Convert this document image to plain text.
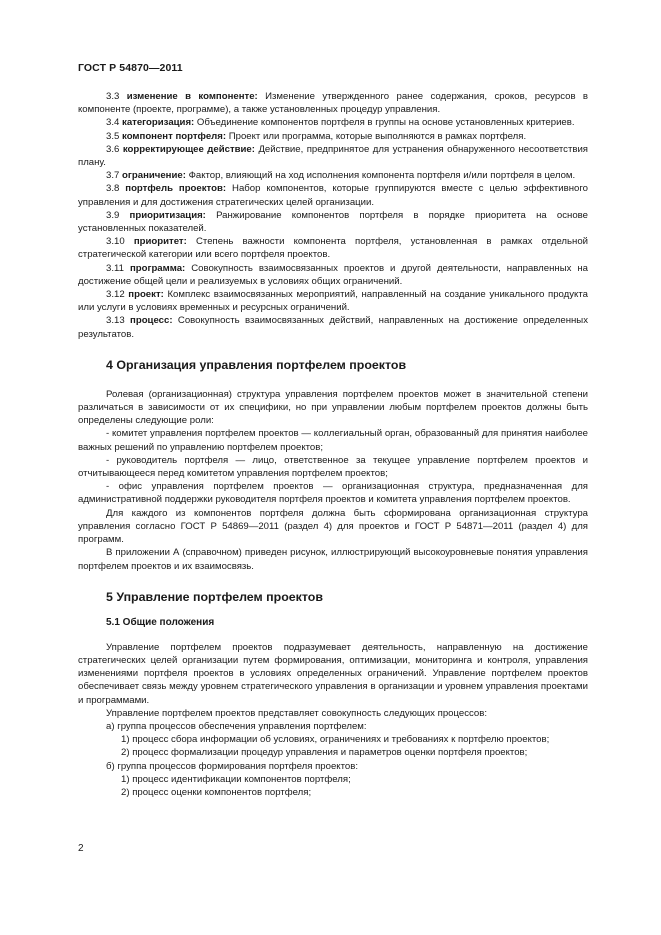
ГОСТ Р 54870—2011

3.3 изменение в компоненте: Изменение утвержденного ранее содержания, сроков, ресурсов в компоненте (проекте, программе), а также установленных процедур управления.

3.4 категоризация: Объединение компонентов портфеля в группы на основе установленных критериев.

3.5 компонент портфеля: Проект или программа, которые выполняются в рамках портфеля.

3.6 корректирующее действие: Действие, предпринятое для устранения обнаруженного несоответствия плану.

3.7 ограничение: Фактор, влияющий на ход исполнения компонента портфеля и/или портфеля в целом.

3.8 портфель проектов: Набор компонентов, которые группируются вместе с целью эффективного управления и для достижения стратегических целей организации.

3.9 приоритизация: Ранжирование компонентов портфеля в порядке приоритета на основе установленных показателей.

3.10 приоритет: Степень важности компонента портфеля, установленная в рамках отдельной стратегической категории или всего портфеля проектов.

3.11 программа: Совокупность взаимосвязанных проектов и другой деятельности, направленных на достижение общей цели и реализуемых в условиях общих ограничений.

3.12 проект: Комплекс взаимосвязанных мероприятий, направленный на создание уникального продукта или услуги в условиях временных и ресурсных ограничений.

3.13 процесс: Совокупность взаимосвязанных действий, направленных на достижение определенных результатов.

4 Организация управления портфелем проектов

Ролевая (организационная) структура управления портфелем проектов может в значительной степени различаться в зависимости от их специфики, но при управлении любым портфелем проектов должны быть определены следующие роли:

- комитет управления портфелем проектов — коллегиальный орган, образованный для принятия наиболее важных решений по управлению портфелем проектов;

- руководитель портфеля — лицо, ответственное за текущее управление портфелем проектов и отчитывающееся перед комитетом управления портфелем проектов;

- офис управления портфелем проектов — организационная структура, предназначенная для административной поддержки руководителя портфеля проектов и комитета управления портфелем проектов.

Для каждого из компонентов портфеля должна быть сформирована организационная структура управления согласно ГОСТ Р 54869—2011 (раздел 4) для проектов и ГОСТ Р 54871—2011 (раздел 4) для программ.

В приложении А (справочном) приведен рисунок, иллюстрирующий высокоуровневые понятия управления портфелем проектов и их взаимосвязь.

5 Управление портфелем проектов
5.1 Общие положения

Управление портфелем проектов подразумевает деятельность, направленную на достижение стратегических целей организации путем формирования, оптимизации, мониторинга и контроля, управления изменениями портфеля проектов в условиях определенных ограничений. Управление портфелем проектов обеспечивает связь между уровнем стратегического управления в организации и уровнем управления проектами и программами.

Управление портфелем проектов представляет совокупность следующих процессов:

а) группа процессов обеспечения управления портфелем:

1) процесс сбора информации об условиях, ограничениях и требованиях к портфелю проектов;

2) процесс формализации процедур управления и параметров оценки портфеля проектов;

б) группа процессов формирования портфеля проектов:

1) процесс идентификации компонентов портфеля;

2) процесс оценки компонентов портфеля;

2
